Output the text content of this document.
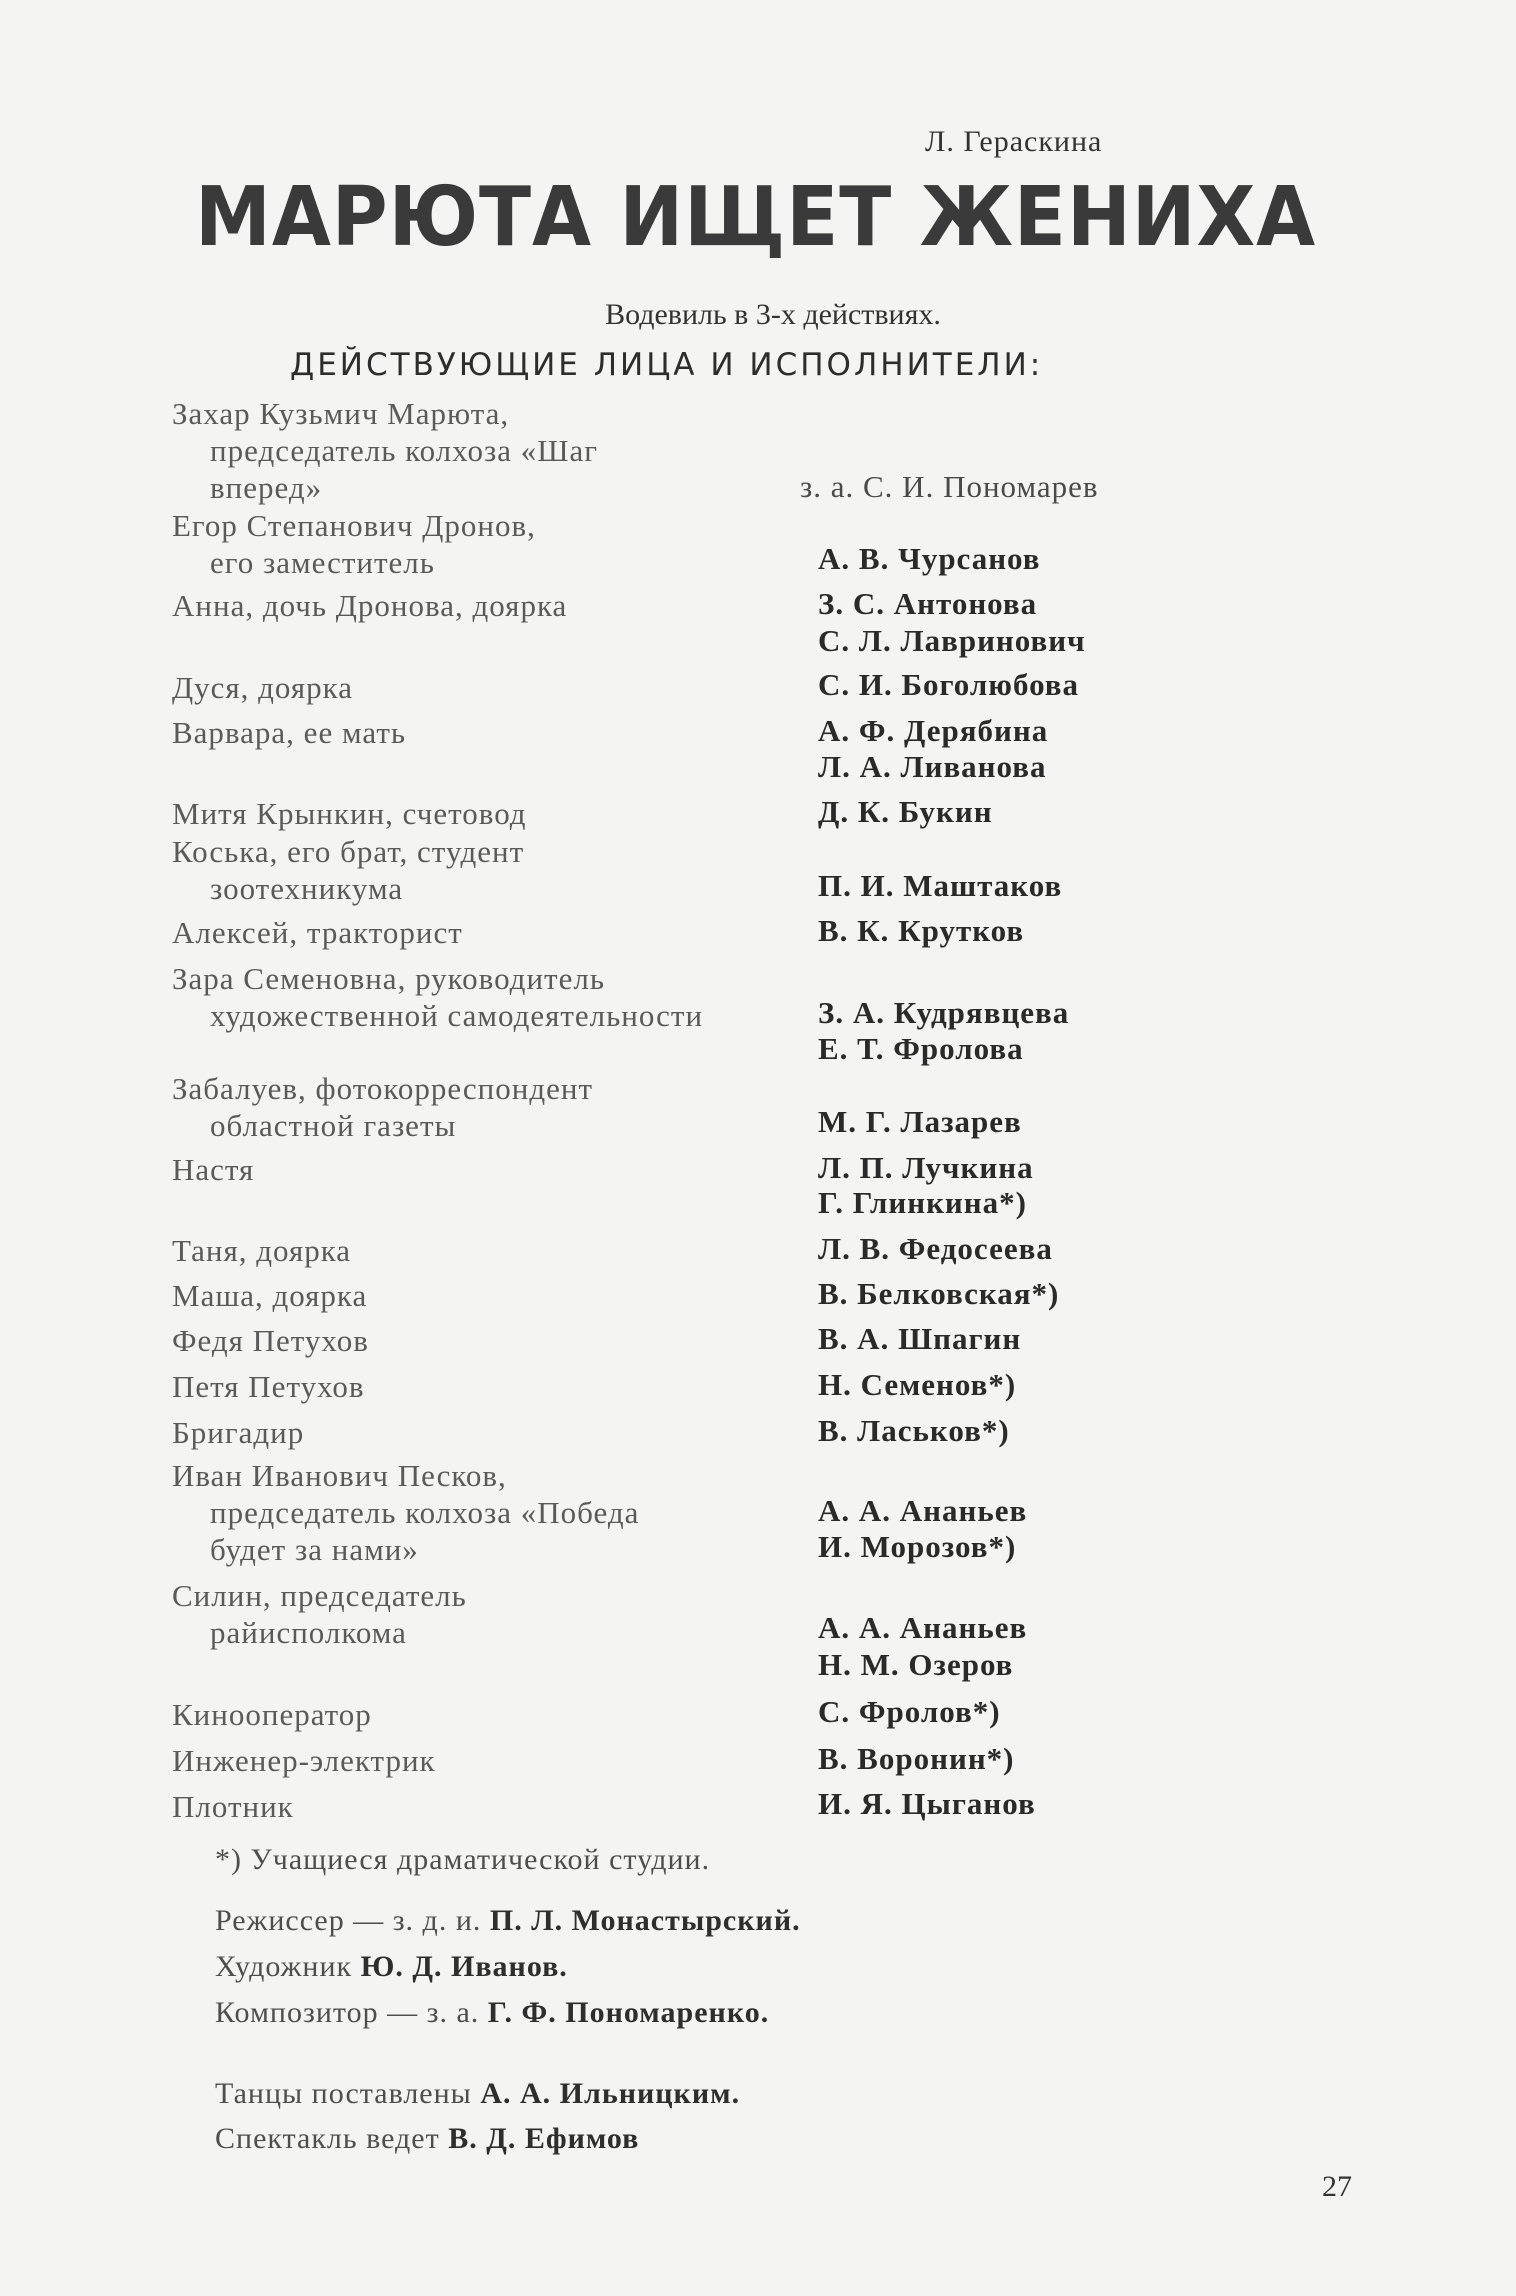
Л. Гераскина
МАРЮТА ИЩЕТ ЖЕНИХА
Водевиль в 3-х действиях.
ДЕЙСТВУЮЩИЕ ЛИЦА И ИСПОЛНИТЕЛИ:
Захар Кузьмич Марюта,
председатель колхоза «Шаг
вперед»	з. а. С. И. Пономарев
Егор Степанович Дронов,
его заместитель	А. В. Чурсанов
Анна, дочь Дронова, доярка	З. С. Антонова
С. Л. Лавринович
Дуся, доярка	С. И. Боголюбова
Варвара, ее мать	А. Ф. Дерябина
Л. А. Ливанова
Митя Крынкин, счетовод	Д. К. Букин
Коська, его брат, студент
зоотехникума	П. И. Маштаков
Алексей, тракторист	В. К. Крутков
Зара Семеновна, руководитель
художественной самодеятельности	З. А. Кудрявцева
Е. Т. Фролова
Забалуев, фотокорреспондент
областной газеты	М. Г. Лазарев
Настя	Л. П. Лучкина
Г. Глинкина*)
Таня, доярка	Л. В. Федосеева
Маша, доярка	В. Белковская*)
Федя Петухов	В. А. Шпагин
Петя Петухов	Н. Семенов*)
Бригадир	В. Ласьков*)
Иван Иванович Песков,
председатель колхоза «Победа
будет за нами»
А. А. Ананьев
И. Морозов*)
Силин, председатель
райисполкома	А. А. Ананьев
Н. М. Озеров
Кинооператор	С. Фролов*)
Инженер-электрик	В. Воронин*)
Плотник	И. Я. Цыганов
*) Учащиеся драматической студии.
Режиссер — з. д. и. П. Л. Монастырский.
Художник Ю. Д. Иванов.
Композитор — з. а. Г. Ф. Пономаренко.
Танцы поставлены А. А. Ильницким.
Спектакль ведет В. Д. Ефимов
27
